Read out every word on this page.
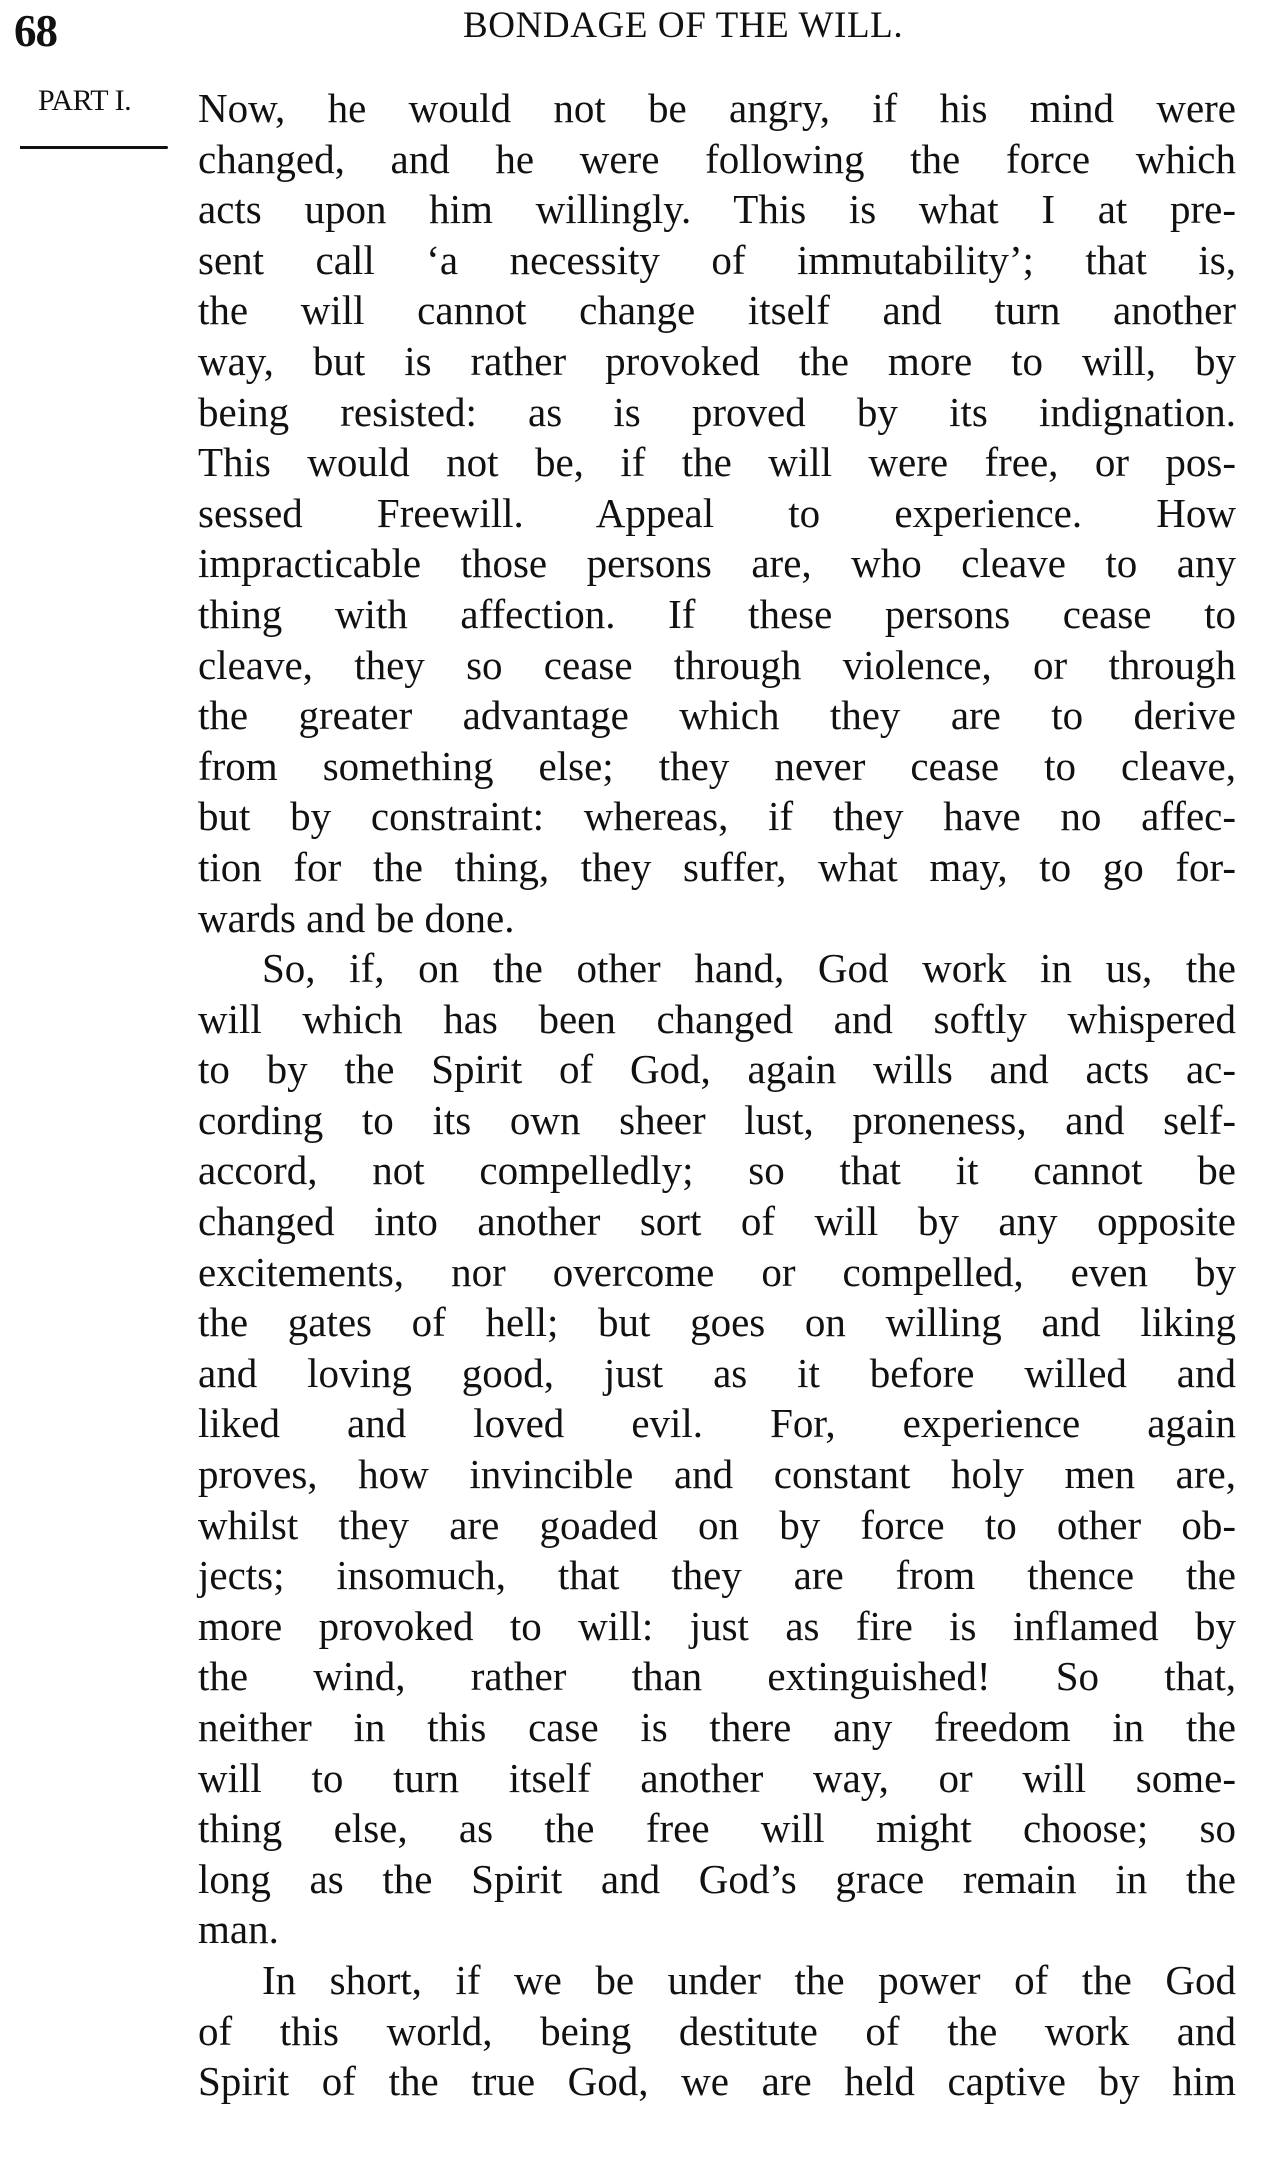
68	BONDAGE OF THE WILL.
PART I. Now, he would not be angry, if his mind were
changed, and he were following the force which
acts upon him willingly. This is what I at pre-
sent call ‘a necessity of immutability’; that is,
the will cannot change itself and turn another
way, but is rather provoked the more to will, by
being resisted: as is proved by its indignation.
This would not be, if the will were free, or pos-
sessed Freewill. Appeal to experience. How
impracticable those persons are, who cleave to any
thing with affection. If these persons cease to
cleave, they so cease through violence, or through
the greater advantage which they are to derive
from something else; they never cease to cleave,
but by constraint: whereas, if they have no affec-
tion for the thing, they suffer, what may, to go for-
wards and be done.
So, if, on the other hand, God work in us, the
will which has been changed and softly whispered
to by the Spirit of God, again wills and acts ac-
cording to its own sheer lust, proneness, and self-
accord, not compelledly; so that it cannot be
changed into another sort of will by any opposite
excitements, nor overcome or compelled, even by
the gates of hell; but goes on willing and liking
and loving good, just as it before willed and
liked and loved evil. For, experience again
proves, how invincible and constant holy men are,
whilst they are goaded on by force to other ob-
jects; insomuch, that they are from thence the
more provoked to will: just as fire is inflamed by
the wind, rather than extinguished! So that,
neither in this case is there any freedom in the
will to turn itself another way, or will some-
thing else, as the free will might choose; so
long as the Spirit and God’s grace remain in the
man.
In short, if we be under the power of the God
of this world, being destitute of the work and
Spirit of the true God, we are held captive by him
